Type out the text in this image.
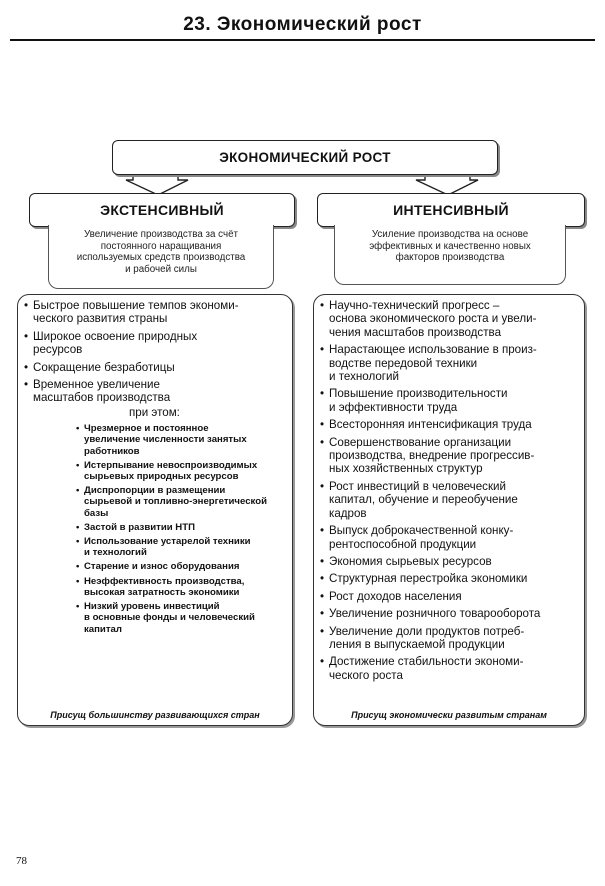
23. Экономический рост
ЭКОНОМИЧЕСКИЙ РОСТ
ЭКСТЕНСИВНЫЙ	ИНТЕНСИВНЫЙ
Увеличение производства за счёт
постоянного наращивания
используемых средств производства
и рабочей силы
Усиление производства на основе
эффективных и качественно новых
факторов производства
• Быстрое повышение темпов экономи-
ческого развития страны
• Широкое освоение природных
ресурсов
• Сокращение безработицы
• Временное увеличение
масштабов производства
при этом:
• Чрезмерное и постоянное
увеличение численности занятых
работников
• Истерпывание невоспроизводимых
сырьевых природных ресурсов
• Диспропорции в размещении
сырьевой и топливно-энергетической
базы
• Застой в развитии НТП
• Использование устарелой техники
и технологий
• Старение и износ оборудования
• Неэффективность производства,
высокая затратность экономики
• Низкий уровень инвестиций
в основные фонды и человеческий
капитал
Присущ большинству развивающихся стран
• Научно-технический прогресс –
основа экономического роста и увели-
чения масштабов производства
• Нарастающее использование в произ-
водстве передовой техники
и технологий
• Повышение производительности
и эффективности труда
• Всесторонняя интенсификация труда
• Совершенствование организации
производства, внедрение прогрессив-
ных хозяйственных структур
• Рост инвестиций в человеческий
капитал, обучение и переобучение
кадров
• Выпуск доброкачественной конку-
рентоспособной продукции
• Экономия сырьевых ресурсов
• Структурная перестройка экономики
• Рост доходов населения
• Увеличение розничного товарооборота
• Увеличение доли продуктов потреб-
ления в выпускаемой продукции
• Достижение стабильности экономи-
ческого роста
Присущ экономически развитым странам
78
